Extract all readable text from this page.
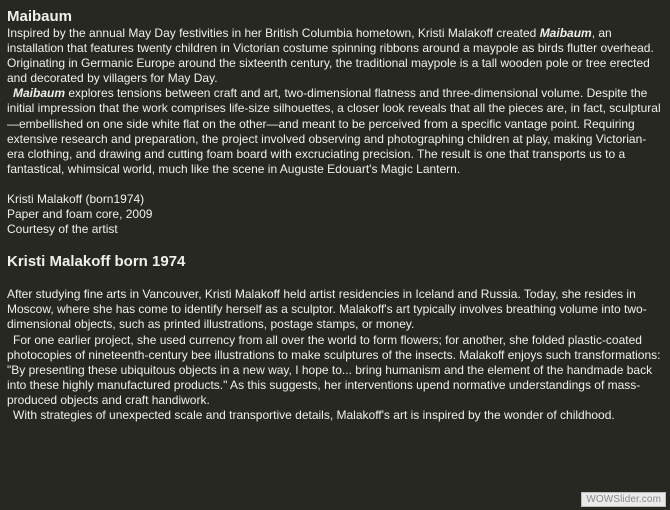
Maibaum

Inspired by the annual May Day festivities in her British Columbia hometown, Kristi Malakoff created Maibaum, an installation that features twenty children in Victorian costume spinning ribbons around a maypole as birds flutter overhead. Originating in Germanic Europe around the sixteenth century, the traditional maypole is a tall wooden pole or tree erected and decorated by villagers for May Day.

Maibaum explores tensions between craft and art, two-dimensional flatness and three-dimensional volume. Despite the initial impression that the work comprises life-size silhouettes, a closer look reveals that all the pieces are, in fact, sculptural—embellished on one side white flat on the other—and meant to be perceived from a specific vantage point. Requiring extensive research and preparation, the project involved observing and photographing children at play, making Victorian-era clothing, and drawing and cutting foam board with excruciating precision. The result is one that transports us to a fantastical, whimsical world, much like the scene in Auguste Edouart's Magic Lantern.

Kristi Malakoff (born1974)
Paper and foam core, 2009
Courtesy of the artist
Kristi Malakoff born 1974

After studying fine arts in Vancouver, Kristi Malakoff held artist residencies in Iceland and Russia. Today, she resides in Moscow, where she has come to identify herself as a sculptor. Malakoff's art typically involves breathing volume into two-dimensional objects, such as printed illustrations, postage stamps, or money.

For one earlier project, she used currency from all over the world to form flowers; for another, she folded plastic-coated photocopies of nineteenth-century bee illustrations to make sculptures of the insects. Malakoff enjoys such transformations: "By presenting these ubiquitous objects in a new way, I hope to... bring humanism and the element of the handmade back into these highly manufactured products." As this suggests, her interventions upend normative understandings of mass-produced objects and craft handiwork.

With strategies of unexpected scale and transportive details, Malakoff's art is inspired by the wonder of childhood.

WOWSlider.com
